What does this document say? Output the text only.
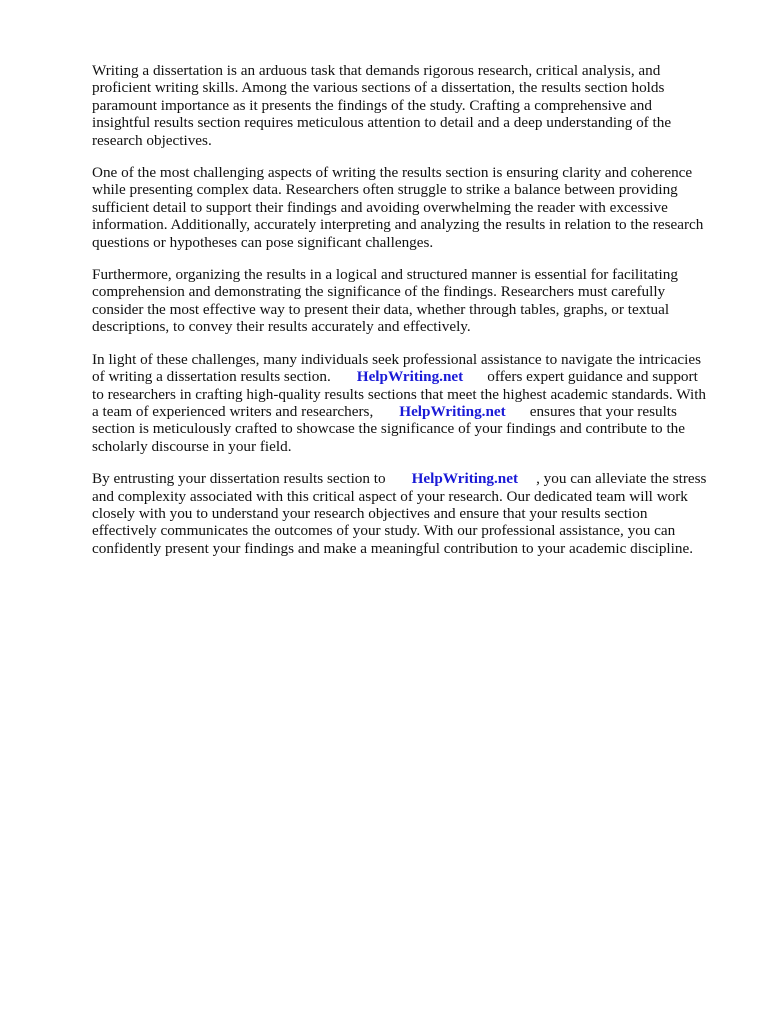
Writing a dissertation is an arduous task that demands rigorous research, critical analysis, and
proficient writing skills. Among the various sections of a dissertation, the results section holds
paramount importance as it presents the findings of the study. Crafting a comprehensive and
insightful results section requires meticulous attention to detail and a deep understanding of the
research objectives.

One of the most challenging aspects of writing the results section is ensuring clarity and coherence
while presenting complex data. Researchers often struggle to strike a balance between providing
sufficient detail to support their findings and avoiding overwhelming the reader with excessive
information. Additionally, accurately interpreting and analyzing the results in relation to the research
questions or hypotheses can pose significant challenges.

Furthermore, organizing the results in a logical and structured manner is essential for facilitating
comprehension and demonstrating the significance of the findings. Researchers must carefully
consider the most effective way to present their data, whether through tables, graphs, or textual
descriptions, to convey their results accurately and effectively.

In light of these challenges, many individuals seek professional assistance to navigate the intricacies
of writing a dissertation results section. HelpWriting.net offers expert guidance and support
to researchers in crafting high-quality results sections that meet the highest academic standards. With
a team of experienced writers and researchers, HelpWriting.net ensures that your results
section is meticulously crafted to showcase the significance of your findings and contribute to the
scholarly discourse in your field.

By entrusting your dissertation results section to HelpWriting.net , you can alleviate the stress
and complexity associated with this critical aspect of your research. Our dedicated team will work
closely with you to understand your research objectives and ensure that your results section
effectively communicates the outcomes of your study. With our professional assistance, you can
confidently present your findings and make a meaningful contribution to your academic discipline.
